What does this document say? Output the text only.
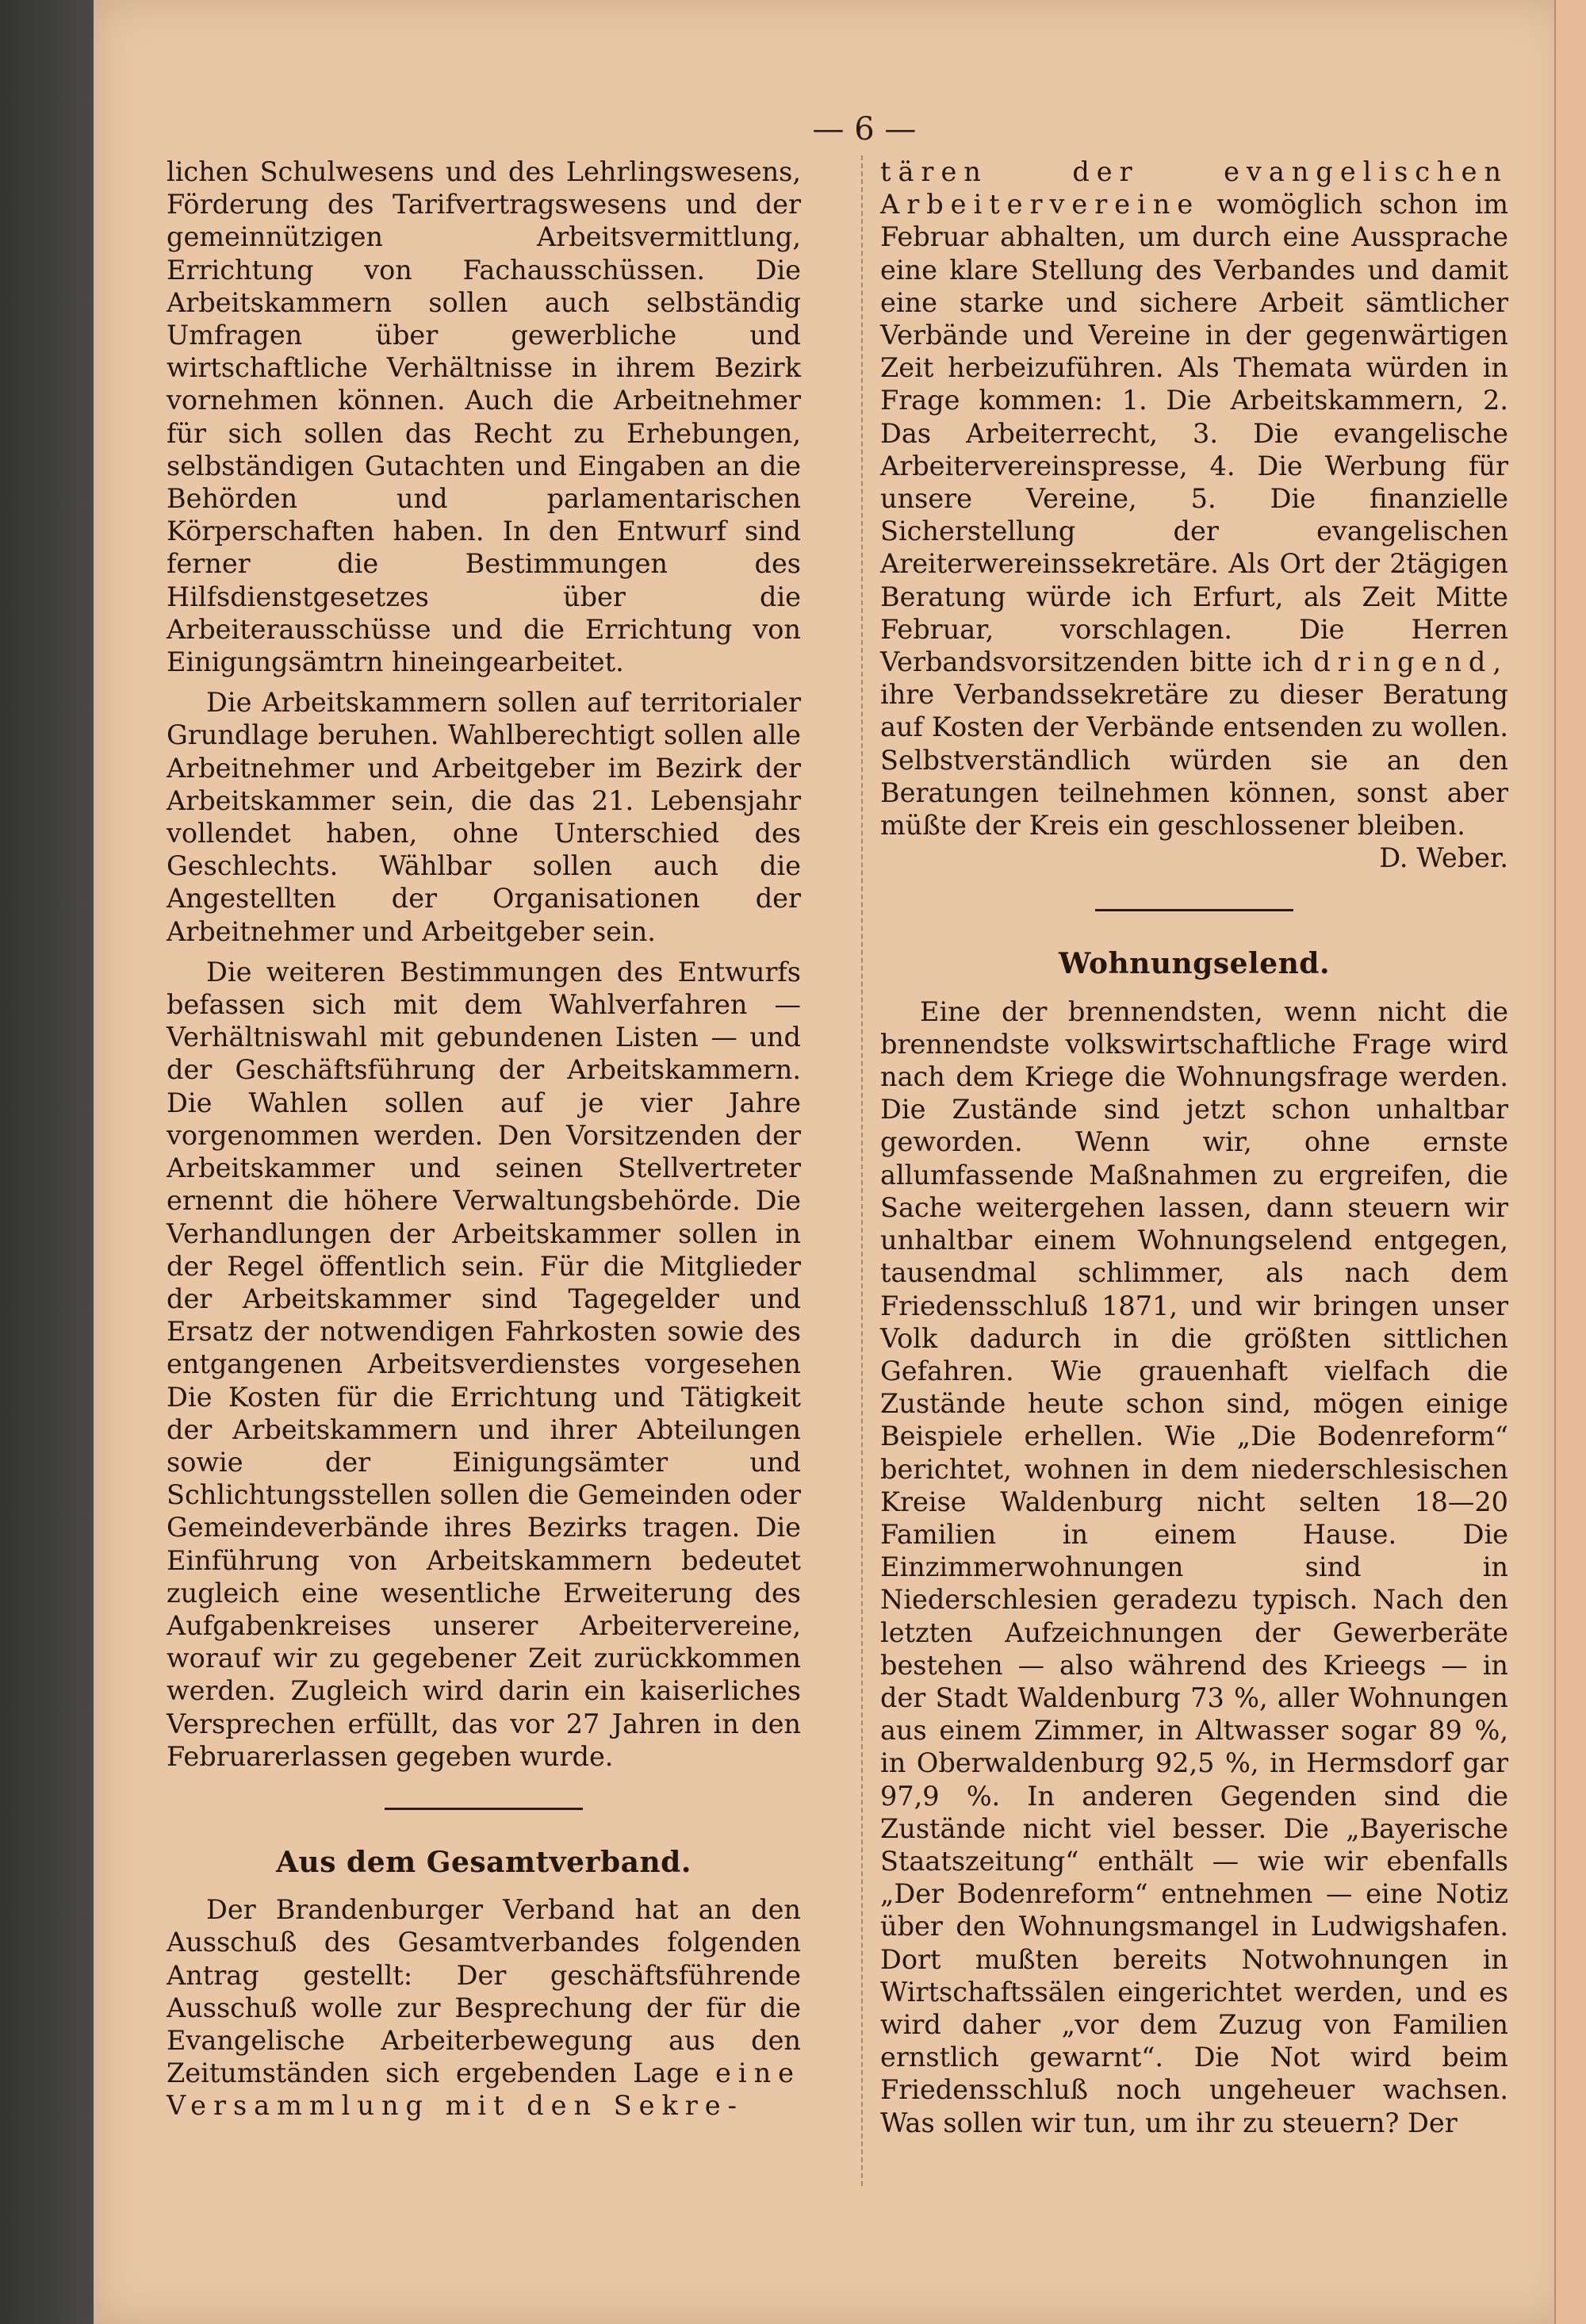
— 6 —

lichen Schulwesens und des Lehrlingswesens, Förderung des Tarifvertragswesens und der gemeinnützigen Arbeitsvermittlung, Errichtung von Fachausschüssen. Die Arbeitskammern sollen auch selbständig Umfragen über gewerbliche und wirtschaftliche Verhältnisse in ihrem Bezirk vornehmen können. Auch die Arbeitnehmer für sich sollen das Recht zu Erhebungen, selbständigen Gutachten und Eingaben an die Behörden und parlamentarischen Körperschaften haben. In den Entwurf sind ferner die Bestimmungen des Hilfsdienstgesetzes über die Arbeiterausschüsse und die Errichtung von Einigungsämtrn hineingearbeitet.

Die Arbeitskammern sollen auf territorialer Grundlage beruhen. Wahlberechtigt sollen alle Arbeitnehmer und Arbeitgeber im Bezirk der Arbeitskammer sein, die das 21. Lebensjahr vollendet haben, ohne Unterschied des Geschlechts. Wählbar sollen auch die Angestellten der Organisationen der Arbeitnehmer und Arbeitgeber sein.

Die weiteren Bestimmungen des Entwurfs befassen sich mit dem Wahlverfahren — Verhältniswahl mit gebundenen Listen — und der Geschäftsführung der Arbeitskammern. Die Wahlen sollen auf je vier Jahre vorgenommen werden. Den Vorsitzenden der Arbeitskammer und seinen Stellvertreter ernennt die höhere Verwaltungsbehörde. Die Verhandlungen der Arbeitskammer sollen in der Regel öffentlich sein. Für die Mitglieder der Arbeitskammer sind Tagegelder und Ersatz der notwendigen Fahrkosten sowie des entgangenen Arbeitsverdienstes vorgesehen Die Kosten für die Errichtung und Tätigkeit der Arbeitskammern und ihrer Abteilungen sowie der Einigungsämter und Schlichtungsstellen sollen die Gemeinden oder Gemeindeverbände ihres Bezirks tragen. Die Einführung von Arbeitskammern bedeutet zugleich eine wesentliche Erweiterung des Aufgabenkreises unserer Arbeitervereine, worauf wir zu gegebener Zeit zurückkommen werden. Zugleich wird darin ein kaiserliches Versprechen erfüllt, das vor 27 Jahren in den Februarerlassen gegeben wurde.

Aus dem Gesamtverband.

Der Brandenburger Verband hat an den Ausschuß des Gesamtverbandes folgenden Antrag gestellt: Der geschäftsführende Ausschuß wolle zur Besprechung der für die Evangelische Arbeiterbewegung aus den Zeitumständen sich ergebenden Lage eine Versammlung mit den Sekre-

tären der evangelischen Arbeitervereine womöglich schon im Februar abhalten, um durch eine Aussprache eine klare Stellung des Verbandes und damit eine starke und sichere Arbeit sämtlicher Verbände und Vereine in der gegenwärtigen Zeit herbeizuführen. Als Themata würden in Frage kommen: 1. Die Arbeitskammern, 2. Das Arbeiterrecht, 3. Die evangelische Arbeitervereinspresse, 4. Die Werbung für unsere Vereine, 5. Die finanzielle Sicherstellung der evangelischen Areiterwereinssekretäre. Als Ort der 2tägigen Beratung würde ich Erfurt, als Zeit Mitte Februar, vorschlagen. Die Herren Verbandsvorsitzenden bitte ich dringend, ihre Verbandssekretäre zu dieser Beratung auf Kosten der Verbände entsenden zu wollen. Selbstverständlich würden sie an den Beratungen teilnehmen können, sonst aber müßte der Kreis ein geschlossener bleiben.

D. Weber.

Wohnungselend.

Eine der brennendsten, wenn nicht die brennendste volkswirtschaftliche Frage wird nach dem Kriege die Wohnungsfrage werden. Die Zustände sind jetzt schon unhaltbar geworden. Wenn wir, ohne ernste allumfassende Maßnahmen zu ergreifen, die Sache weitergehen lassen, dann steuern wir unhaltbar einem Wohnungselend entgegen, tausendmal schlimmer, als nach dem Friedensschluß 1871, und wir bringen unser Volk dadurch in die größten sittlichen Gefahren. Wie grauenhaft vielfach die Zustände heute schon sind, mögen einige Beispiele erhellen. Wie „Die Bodenreform“ berichtet, wohnen in dem niederschlesischen Kreise Waldenburg nicht selten 18—20 Familien in einem Hause. Die Einzimmerwohnungen sind in Niederschlesien geradezu typisch. Nach den letzten Aufzeichnungen der Gewerberäte bestehen — also während des Krieegs — in der Stadt Waldenburg 73 %, aller Wohnungen aus einem Zimmer, in Altwasser sogar 89 %, in Oberwaldenburg 92,5 %, in Hermsdorf gar 97,9 %. In anderen Gegenden sind die Zustände nicht viel besser. Die „Bayerische Staatszeitung“ enthält — wie wir ebenfalls „Der Bodenreform“ entnehmen — eine Notiz über den Wohnungsmangel in Ludwigshafen. Dort mußten bereits Notwohnungen in Wirtschaftssälen eingerichtet werden, und es wird daher „vor dem Zuzug von Familien ernstlich gewarnt“. Die Not wird beim Friedensschluß noch ungeheuer wachsen. Was sollen wir tun, um ihr zu steuern? Der
